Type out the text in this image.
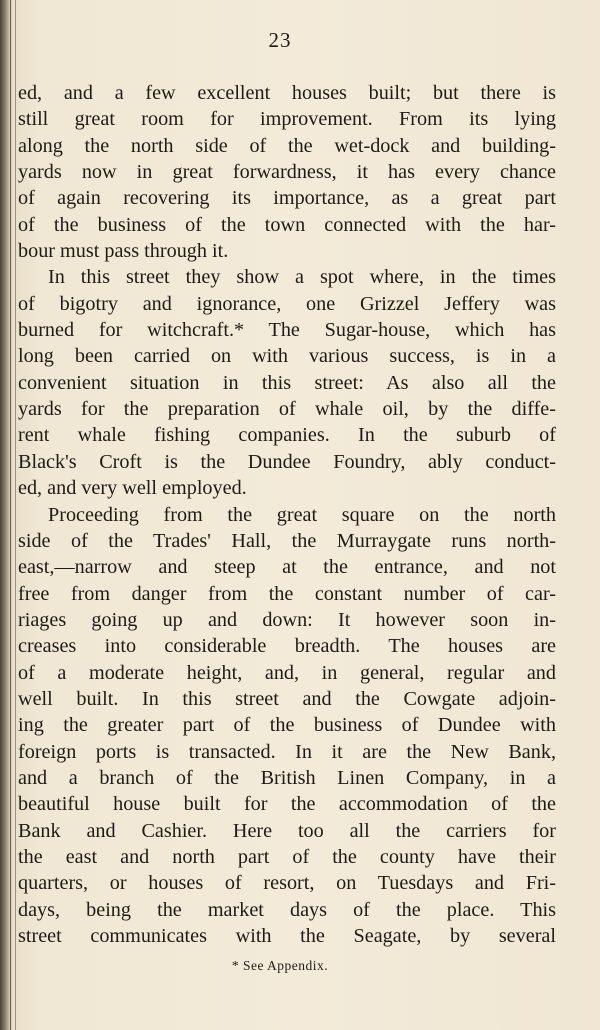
23
ed, and a few excellent houses built; but there is
still great room for improvement. From its lying
along the north side of the wet-dock and building-
yards now in great forwardness, it has every chance
of again recovering its importance, as a great part
of the business of the town connected with the har-
bour must pass through it.
In this street they show a spot where, in the times
of bigotry and ignorance, one Grizzel Jeffery was
burned for witchcraft.* The Sugar-house, which has
long been carried on with various success, is in a
convenient situation in this street: As also all the
yards for the preparation of whale oil, by the diffe-
rent whale fishing companies. In the suburb of
Black's Croft is the Dundee Foundry, ably conduct-
ed, and very well employed.
Proceeding from the great square on the north
side of the Trades' Hall, the Murraygate runs north-
east,—narrow and steep at the entrance, and not
free from danger from the constant number of car-
riages going up and down: It however soon in-
creases into considerable breadth. The houses are
of a moderate height, and, in general, regular and
well built. In this street and the Cowgate adjoin-
ing the greater part of the business of Dundee with
foreign ports is transacted. In it are the New Bank,
and a branch of the British Linen Company, in a
beautiful house built for the accommodation of the
Bank and Cashier. Here too all the carriers for
the east and north part of the county have their
quarters, or houses of resort, on Tuesdays and Fri-
days, being the market days of the place. This
street communicates with the Seagate, by several
* See Appendix.
